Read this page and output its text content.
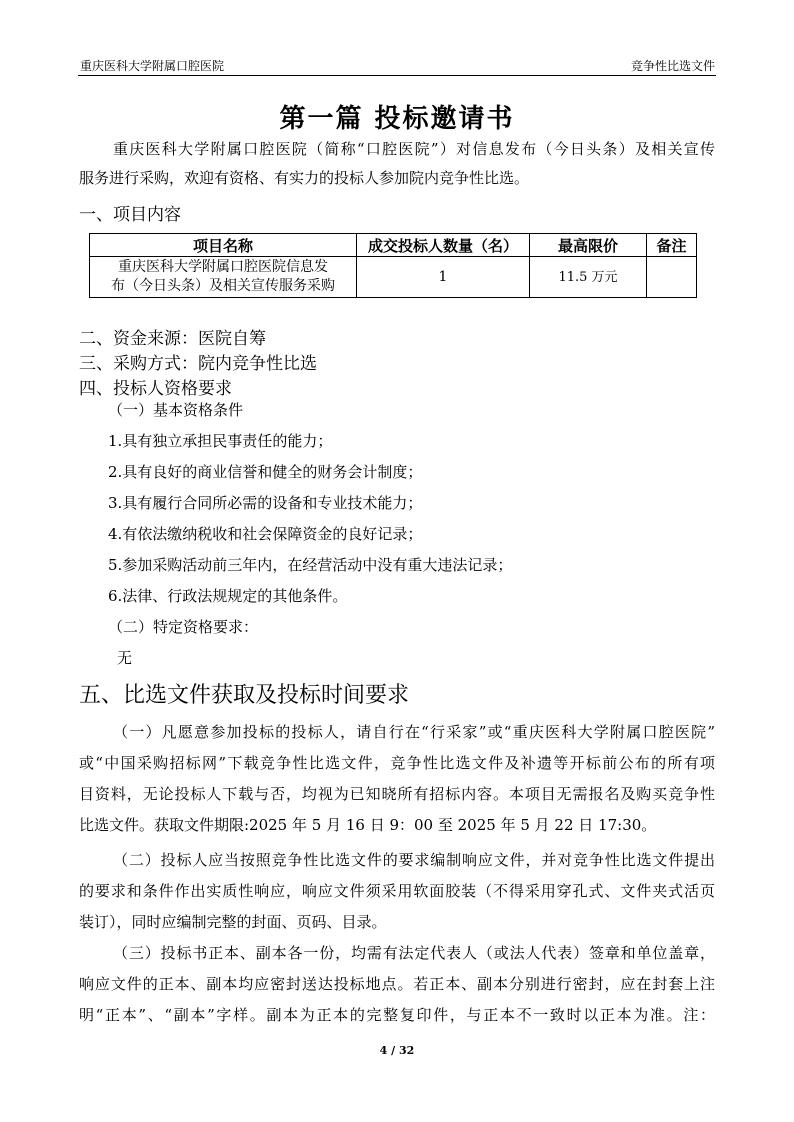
重庆医科大学附属口腔医院	竞争性比选文件
第一篇 投标邀请书
重庆医科大学附属口腔医院（简称“口腔医院”）对信息发布（今日头条）及相关宣传
服务进行采购，欢迎有资格、有实力的投标人参加院内竞争性比选。
一、项目内容
项目名称	成交投标人数量（名）	最高限价	备注

重庆医科大学附属口腔医院信息发
布（今日头条）及相关宣传服务采购	1	11.5 万元	
二、资金来源：医院自筹
三、采购方式：院内竞争性比选
四、投标人资格要求
（一）基本资格条件
1.具有独立承担民事责任的能力；
2.具有良好的商业信誉和健全的财务会计制度；
3.具有履行合同所必需的设备和专业技术能力；
4.有依法缴纳税收和社会保障资金的良好记录；
5.参加采购活动前三年内，在经营活动中没有重大违法记录；
6.法律、行政法规规定的其他条件。
（二）特定资格要求：
无
五、比选文件获取及投标时间要求
（一）凡愿意参加投标的投标人，请自行在“行采家”或“重庆医科大学附属口腔医院”
或“中国采购招标网”下载竞争性比选文件，竞争性比选文件及补遗等开标前公布的所有项
目资料，无论投标人下载与否，均视为已知晓所有招标内容。本项目无需报名及购买竞争性
比选文件。获取文件期限:2025 年 5 月 16 日 9：00 至 2025 年 5 月 22 日 17:30。
（二）投标人应当按照竞争性比选文件的要求编制响应文件，并对竞争性比选文件提出
的要求和条件作出实质性响应，响应文件须采用软面胶装（不得采用穿孔式、文件夹式活页
装订），同时应编制完整的封面、页码、目录。
（三）投标书正本、副本各一份，均需有法定代表人（或法人代表）签章和单位盖章，
响应文件的正本、副本均应密封送达投标地点。若正本、副本分别进行密封，应在封套上注
明“正本”、“副本”字样。副本为正本的完整复印件，与正本不一致时以正本为准。注：
4 / 32
